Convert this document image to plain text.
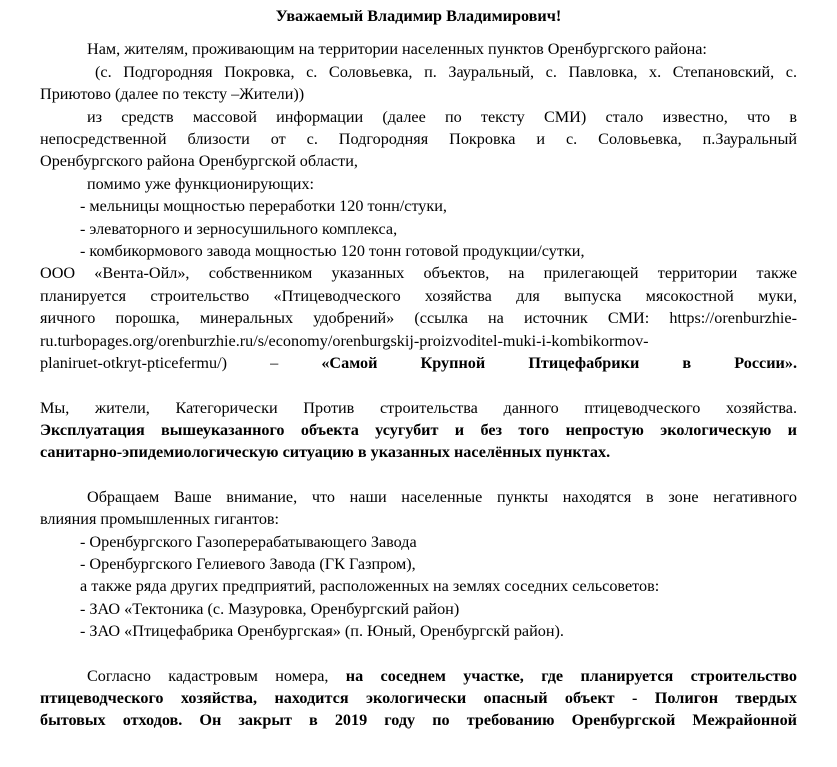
Уважаемый Владимир Владимирович!

Нам, жителям, проживающим на территории населенных пунктов Оренбургского района:

(с. Подгородняя Покровка, с. Соловьевка, п. Зауральный, с. Павловка, х. Степановский, с.

Приютово (далее по тексту –Жители))

из средств массовой информации (далее по тексту СМИ) стало известно, что в

непосредственной близости от с. Подгородняя Покровка и с. Соловьевка, п.Зауральный

Оренбургского района Оренбургской области,

помимо уже функционирующих:

- мельницы мощностью переработки 120 тонн/стуки,

- элеваторного и зерносушильного комплекса,

- комбикормового завода мощностью 120 тонн готовой продукции/сутки,

ООО «Вента-Ойл», собственником указанных объектов, на прилегающей территории также

планируется строительство «Птицеводческого хозяйства для выпуска мясокостной муки,

яичного порошка, минеральных удобрений» (ссылка на источник СМИ: https://orenburzhie-

ru.turbopages.org/orenburzhie.ru/s/economy/orenburgskij-proizvoditel-muki-i-kombikormov-

planiruet-otkryt-pticefermu/) –	«Самой Крупной Птицефабрики в России».

Мы, жители, Категорически Против строительства данного птицеводческого хозяйства.

Эксплуатация вышеуказанного объекта усугубит и без того непростую экологическую и

санитарно-эпидемиологическую ситуацию в указанных населённых пунктах.

Обращаем Ваше внимание, что наши населенные пункты находятся в зоне негативного

влияния промышленных гигантов:

- Оренбургского Газоперерабатывающего Завода

- Оренбургского Гелиевого Завода (ГК Газпром),

а также ряда других предприятий, расположенных на землях соседних сельсоветов:

- ЗАО «Тектоника (с. Мазуровка, Оренбургский район)

- ЗАО «Птицефабрика Оренбургская» (п. Юный, Оренбургскй район).

Согласно кадастровым номера, на соседнем участке, где планируется строительство

птицеводческого хозяйства, находится экологически опасный объект - Полигон твердых

бытовых отходов. Он закрыт в 2019 году по требованию Оренбургской Межрайонной
